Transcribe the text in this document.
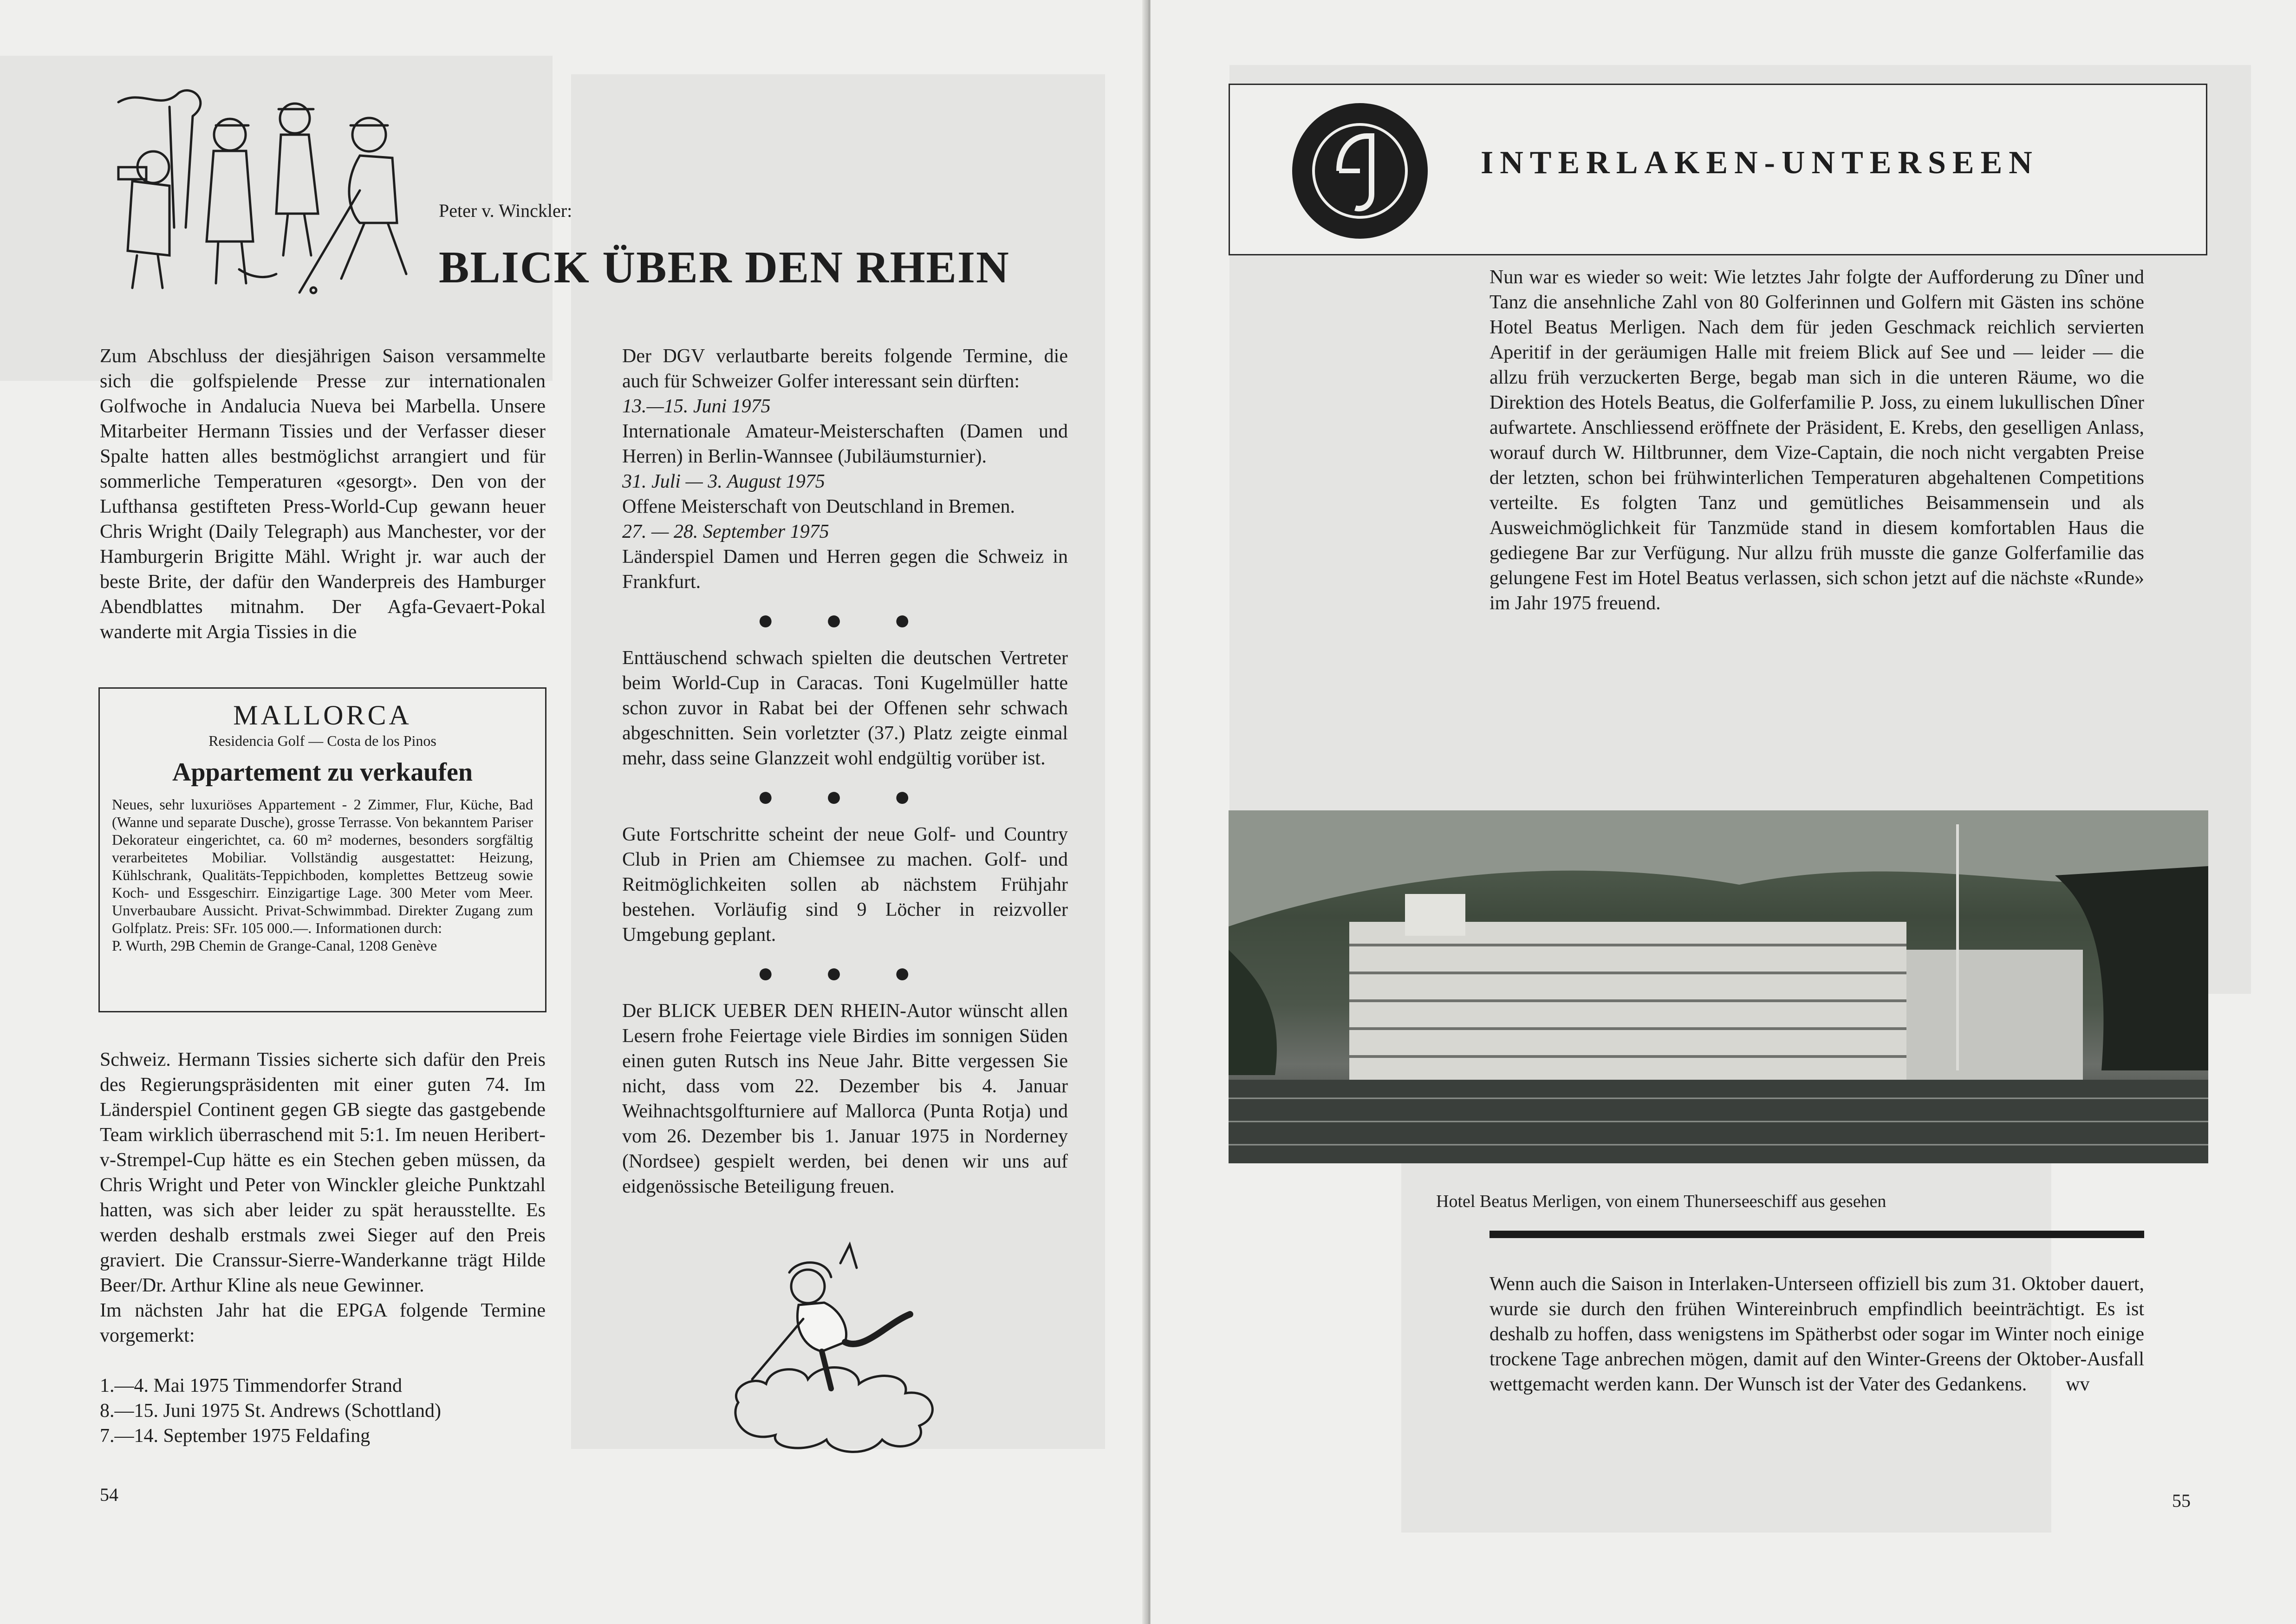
Peter v. Winckler:
BLICK ÜBER DEN RHEIN

Zum Abschluss der diesjährigen Saison versammelte sich die golfspielende Presse zur internationalen Golfwoche in Andalucia Nueva bei Marbella. Unsere Mitarbeiter Hermann Tissies und der Verfasser dieser Spalte hatten alles bestmöglichst arrangiert und für sommerliche Temperaturen «gesorgt». Den von der Lufthansa gestifteten Press-World-Cup gewann heuer Chris Wright (Daily Telegraph) aus Manchester, vor der Hamburgerin Brigitte Mähl. Wright jr. war auch der beste Brite, der dafür den Wanderpreis des Hamburger Abendblattes mitnahm. Der Agfa-Gevaert-Pokal wanderte mit Argia Tissies in die

MALLORCA
Residencia Golf — Costa de los Pinos
Appartement zu verkaufen
Neues, sehr luxuriöses Appartement - 2 Zimmer, Flur, Küche, Bad (Wanne und separate Dusche), grosse Terrasse. Von bekanntem Pariser Dekorateur eingerichtet, ca. 60 m² modernes, besonders sorgfältig verarbeitetes Mobiliar. Vollständig ausgestattet: Heizung, Kühlschrank, Qualitäts-Teppichboden, komplettes Bettzeug sowie Koch- und Essgeschirr. Einzigartige Lage. 300 Meter vom Meer. Unverbaubare Aussicht. Privat-Schwimmbad. Direkter Zugang zum Golfplatz. Preis: SFr. 105 000.—. Informationen durch:
P. Wurth, 29B Chemin de Grange-Canal, 1208 Genève

Schweiz. Hermann Tissies sicherte sich dafür den Preis des Regierungspräsidenten mit einer guten 74. Im Länderspiel Continent gegen GB siegte das gastgebende Team wirklich überraschend mit 5:1. Im neuen Heribert-v-Strempel-Cup hätte es ein Stechen geben müssen, da Chris Wright und Peter von Winckler gleiche Punktzahl hatten, was sich aber leider zu spät herausstellte. Es werden deshalb erstmals zwei Sieger auf den Preis graviert. Die Cranssur-Sierre-Wanderkanne trägt Hilde Beer/Dr. Arthur Kline als neue Gewinner.

Im nächsten Jahr hat die EPGA folgende Termine vorgemerkt:

1.—4. Mai 1975 Timmendorfer Strand

8.—15. Juni 1975 St. Andrews (Schottland)

7.—14. September 1975 Feldafing

Der DGV verlautbarte bereits folgende Termine, die auch für Schweizer Golfer interessant sein dürften:

13.—15. Juni 1975

Internationale Amateur-Meisterschaften (Damen und Herren) in Berlin-Wannsee (Jubiläumsturnier).

31. Juli — 3. August 1975

Offene Meisterschaft von Deutschland in Bremen.

27. — 28. September 1975

Länderspiel Damen und Herren gegen die Schweiz in Frankfurt.

● ● ●

Enttäuschend schwach spielten die deutschen Vertreter beim World-Cup in Caracas. Toni Kugelmüller hatte schon zuvor in Rabat bei der Offenen sehr schwach abgeschnitten. Sein vorletzter (37.) Platz zeigte einmal mehr, dass seine Glanzzeit wohl endgültig vorüber ist.

● ● ●

Gute Fortschritte scheint der neue Golf- und Country Club in Prien am Chiemsee zu machen. Golf- und Reitmöglichkeiten sollen ab nächstem Frühjahr bestehen. Vorläufig sind 9 Löcher in reizvoller Umgebung geplant.

● ● ●

Der BLICK UEBER DEN RHEIN-Autor wünscht allen Lesern frohe Feiertage viele Birdies im sonnigen Süden einen guten Rutsch ins Neue Jahr. Bitte vergessen Sie nicht, dass vom 22. Dezember bis 4. Januar Weihnachtsgolfturniere auf Mallorca (Punta Rotja) und vom 26. Dezember bis 1. Januar 1975 in Norderney (Nordsee) gespielt werden, bei denen wir uns auf eidgenössische Beteiligung freuen.

54
INTERLAKEN-UNTERSEEN

Nun war es wieder so weit: Wie letztes Jahr folgte der Aufforderung zu Dîner und Tanz die ansehnliche Zahl von 80 Golferinnen und Golfern mit Gästen ins schöne Hotel Beatus Merligen. Nach dem für jeden Geschmack reichlich servierten Aperitif in der geräumigen Halle mit freiem Blick auf See und — leider — die allzu früh verzuckerten Berge, begab man sich in die unteren Räume, wo die Direktion des Hotels Beatus, die Golferfamilie P. Joss, zu einem lukullischen Dîner aufwartete. Anschliessend eröffnete der Präsident, E. Krebs, den geselligen Anlass, worauf durch W. Hiltbrunner, dem Vize-Captain, die noch nicht vergabten Preise der letzten, schon bei frühwinterlichen Temperaturen abgehaltenen Competitions verteilte. Es folgten Tanz und gemütliches Beisammensein und als Ausweichmöglichkeit für Tanzmüde stand in diesem komfortablen Haus die gediegene Bar zur Verfügung. Nur allzu früh musste die ganze Golferfamilie das gelungene Fest im Hotel Beatus verlassen, sich schon jetzt auf die nächste «Runde» im Jahr 1975 freuend.

Hotel Beatus Merligen, von einem Thunerseeschiff aus gesehen

Wenn auch die Saison in Interlaken-Unterseen offiziell bis zum 31. Oktober dauert, wurde sie durch den frühen Wintereinbruch empfindlich beeinträchtigt. Es ist deshalb zu hoffen, dass wenigstens im Spätherbst oder sogar im Winter noch einige trockene Tage anbrechen mögen, damit auf den Winter-Greens der Oktober-Ausfall wettgemacht werden kann. Der Wunsch ist der Vater des Gedankens. wv

55
